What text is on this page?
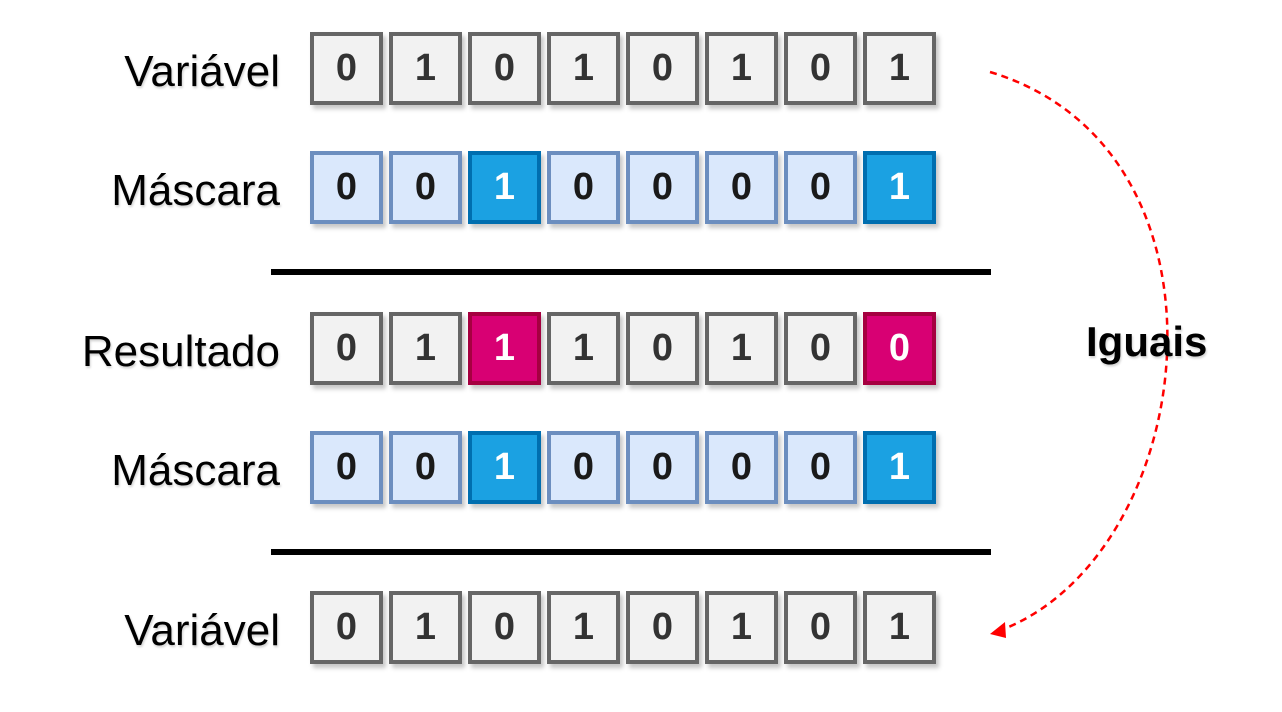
Variável	0	1	0	1	0	1	0	1
Máscara	0	0	1	0	0	0	0	1
Resultado	0	1	1	1	0	1	0	0
Máscara	0	0	1	0	0	0	0	1
Variável	0	1	0	1	0	1	0	1
Iguais
